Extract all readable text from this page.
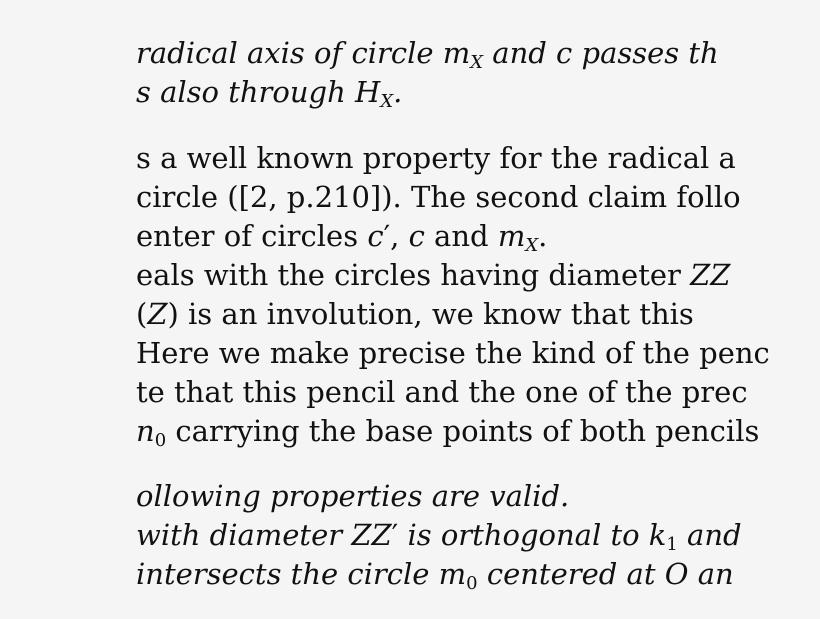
radical axis of circle $m_X$ and c passes th
s also through $H_X$.
s a well known property for the radical a
circle ([2, p.210]). The second claim follo
enter of circles c′, c and $m_X$.
eals with the circles having diameter ZZ
(Z) is an involution, we know that this
Here we make precise the kind of the penc
te that this pencil and the one of the prec
$n_0$ carrying the base points of both pencils
ollowing properties are valid.
with diameter ZZ′ is orthogonal to $k_1$ and
intersects the circle $m_0$ centered at O an
